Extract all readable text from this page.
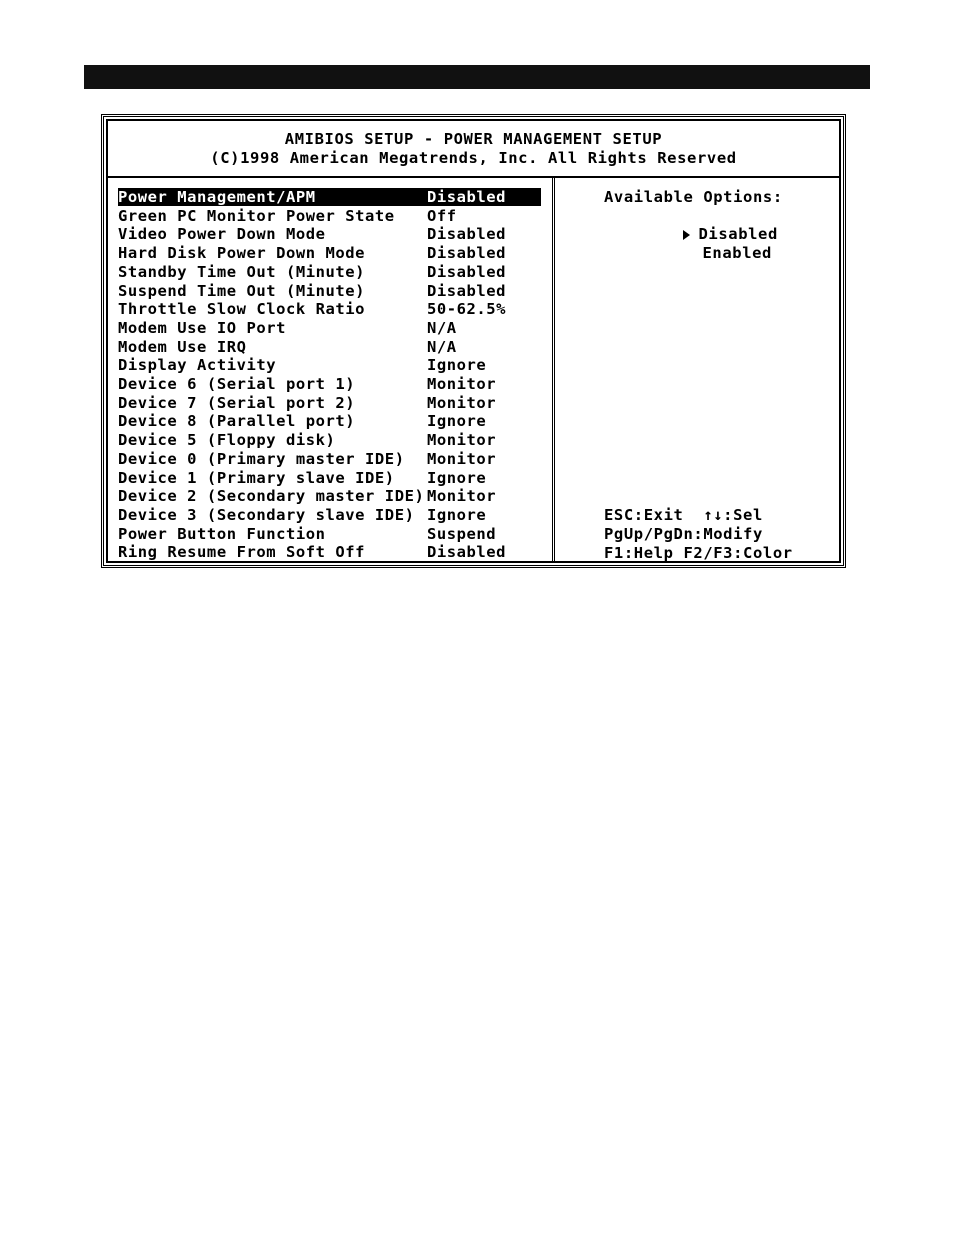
AMIBIOS SETUP - POWER MANAGEMENT SETUP
(C)1998 American Megatrends, Inc. All Rights Reserved
Power Management/APM	Disabled
Green PC Monitor Power State Off
Video Power Down Mode	Disabled
Hard Disk Power Down Mode	Disabled
Standby Time Out (Minute)	Disabled
Suspend Time Out (Minute)	Disabled
Throttle Slow Clock Ratio	50-62.5%
Modem Use IO Port	N/A
Modem Use IRQ	N/A
Display Activity	Ignore
Device 6 (Serial port 1)	Monitor
Device 7 (Serial port 2)	Monitor
Device 8 (Parallel port)	Ignore
Device 5 (Floppy disk)	Monitor
Device 0 (Primary master IDE) Monitor
Device 1 (Primary slave IDE) Ignore
Device 2 (Secondary master IDE) Monitor
Device 3 (Secondary slave IDE) Ignore
Power Button Function	Suspend
Ring Resume From Soft Off	Disabled
Available Options:

Disabled

Enabled

ESC:Exit  ↑↓:Sel
PgUp/PgDn:Modify
F1:Help F2/F3:Color
